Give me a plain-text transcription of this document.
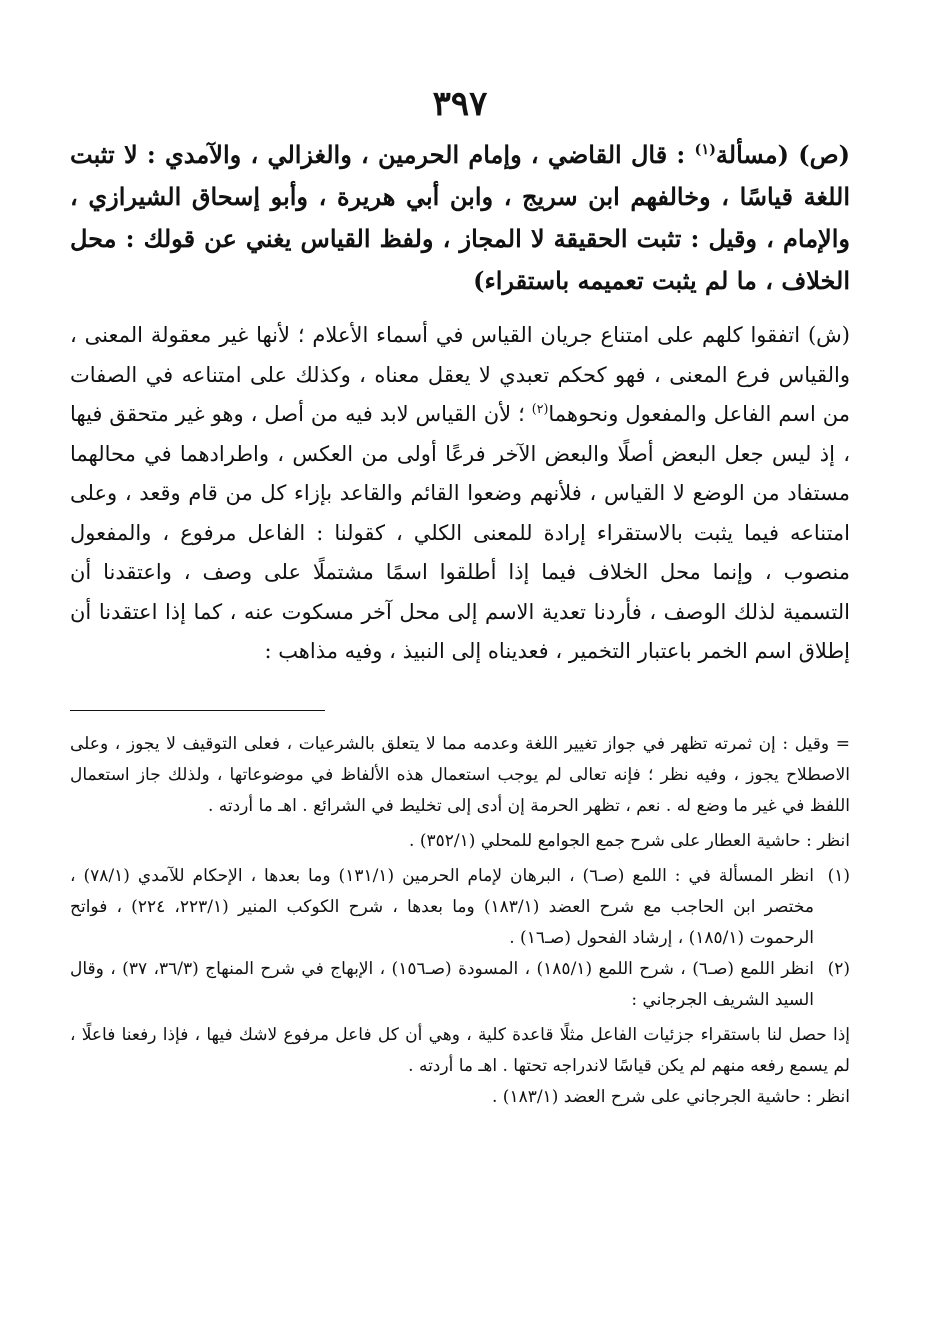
٣٩٧

(ص) (مسألة$^{(١)}$ : قال القاضي ، وإمام الحرمين ، والغزالي ، والآمدي : لا تثبت اللغة قياسًا ، وخالفهم ابن سريج ، وابن أبي هريرة ، وأبو إسحاق الشيرازي ، والإمام ، وقيل : تثبت الحقيقة لا المجاز ، ولفظ القياس يغني عن قولك : محل الخلاف ، ما لم يثبت تعميمه باستقراء)

(ش) اتفقوا كلهم على امتناع جريان القياس في أسماء الأعلام ؛ لأنها غير معقولة المعنى ، والقياس فرع المعنى ، فهو كحكم تعبدي لا يعقل معناه ، وكذلك على امتناعه في الصفات من اسم الفاعل والمفعول ونحوهما$^{(٢)}$ ؛ لأن القياس لابد فيه من أصل ، وهو غير متحقق فيها ، إذ ليس جعل البعض أصلًا والبعض الآخر فرعًا أولى من العكس ، واطرادهما في محالهما مستفاد من الوضع لا القياس ، فلأنهم وضعوا القائم والقاعد بإزاء كل من قام وقعد ، وعلى امتناعه فيما يثبت بالاستقراء إرادة للمعنى الكلي ، كقولنا : الفاعل مرفوع ، والمفعول منصوب ، وإنما محل الخلاف فيما إذا أطلقوا اسمًا مشتملًا على وصف ، واعتقدنا أن التسمية لذلك الوصف ، فأردنا تعدية الاسم إلى محل آخر مسكوت عنه ، كما إذا اعتقدنا أن إطلاق اسم الخمر باعتبار التخمير ، فعديناه إلى النبيذ ، وفيه مذاهب :

= وقيل : إن ثمرته تظهر في جواز تغيير اللغة وعدمه مما لا يتعلق بالشرعيات ، فعلى التوقيف لا يجوز ، وعلى الاصطلاح يجوز ، وفيه نظر ؛ فإنه تعالى لم يوجب استعمال هذه الألفاظ في موضوعاتها ، ولذلك جاز استعمال اللفظ في غير ما وضع له . نعم ، تظهر الحرمة إن أدى إلى تخليط في الشرائع . اهـ ما أردته .

انظر : حاشية العطار على شرح جمع الجوامع للمحلي (٣٥٢/١) .

(١)
انظر المسألة في : اللمع (صـ٦) ، البرهان لإمام الحرمين (١٣١/١) وما بعدها ، الإحكام للآمدي (٧٨/١) ، مختصر ابن الحاجب مع شرح العضد (١٨٣/١) وما بعدها ، شرح الكوكب المنير (٢٢٣/١، ٢٢٤) ، فواتح الرحموت (١٨٥/١) ، إرشاد الفحول (صـ١٦) .
(٢)
انظر اللمع (صـ٦) ، شرح اللمع (١٨٥/١) ، المسودة (صـ١٥٦) ، الإبهاج في شرح المنهاج (٣٦/٣، ٣٧) ، وقال السيد الشريف الجرجاني :

إذا حصل لنا باستقراء جزئيات الفاعل مثلًا قاعدة كلية ، وهي أن كل فاعل مرفوع لاشك فيها ، فإذا رفعنا فاعلًا ، لم يسمع رفعه منهم لم يكن قياسًا لاندراجه تحتها . اهـ ما أردته .

انظر : حاشية الجرجاني على شرح العضد (١٨٣/١) .
